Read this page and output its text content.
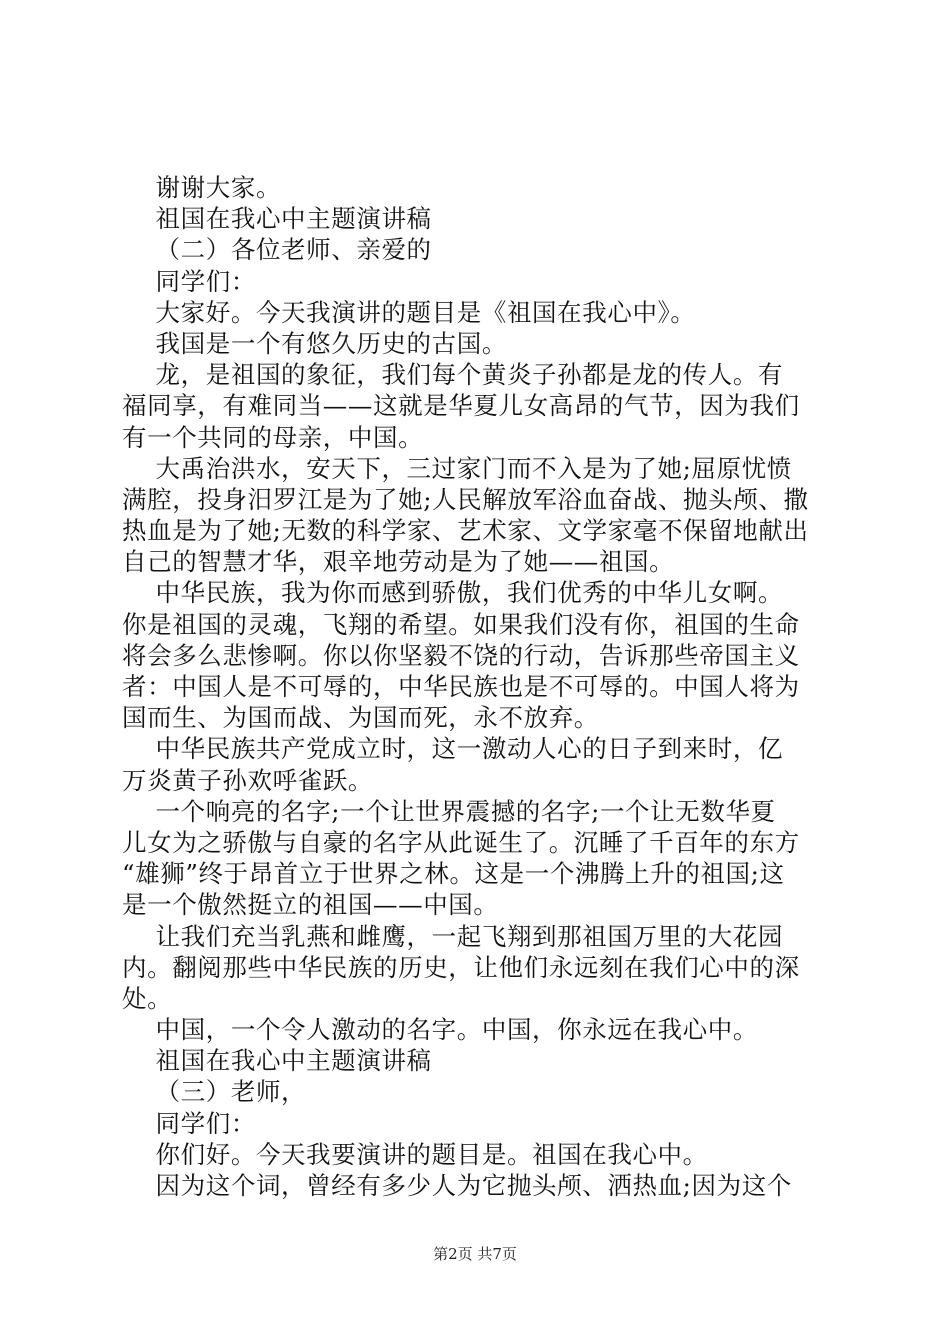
谢谢大家。
祖国在我心中主题演讲稿
（二）各位老师、亲爱的
同学们：
大家好。今天我演讲的题目是《祖国在我心中》。
我国是一个有悠久历史的古国。
龙，是祖国的象征，我们每个黄炎子孙都是龙的传人。有
福同享，有难同当——这就是华夏儿女高昂的气节，因为我们
有一个共同的母亲，中国。
大禹治洪水，安天下，三过家门而不入是为了她;屈原忧愤
满腔，投身汨罗江是为了她;人民解放军浴血奋战、抛头颅、撒
热血是为了她;无数的科学家、艺术家、文学家毫不保留地献出
自己的智慧才华，艰辛地劳动是为了她——祖国。
中华民族，我为你而感到骄傲，我们优秀的中华儿女啊。
你是祖国的灵魂，飞翔的希望。如果我们没有你，祖国的生命
将会多么悲惨啊。你以你坚毅不饶的行动，告诉那些帝国主义
者：中国人是不可辱的，中华民族也是不可辱的。中国人将为
国而生、为国而战、为国而死，永不放弃。
中华民族共产党成立时，这一激动人心的日子到来时，亿
万炎黄子孙欢呼雀跃。
一个响亮的名字;一个让世界震撼的名字;一个让无数华夏
儿女为之骄傲与自豪的名字从此诞生了。沉睡了千百年的东方
“雄狮”终于昂首立于世界之林。这是一个沸腾上升的祖国;这
是一个傲然挺立的祖国——中国。
让我们充当乳燕和雌鹰，一起飞翔到那祖国万里的大花园
内。翻阅那些中华民族的历史，让他们永远刻在我们心中的深
处。
中国，一个令人激动的名字。中国，你永远在我心中。
祖国在我心中主题演讲稿
（三）老师，
同学们：
你们好。今天我要演讲的题目是。祖国在我心中。
因为这个词，曾经有多少人为它抛头颅、洒热血;因为这个
第2页 共7页
